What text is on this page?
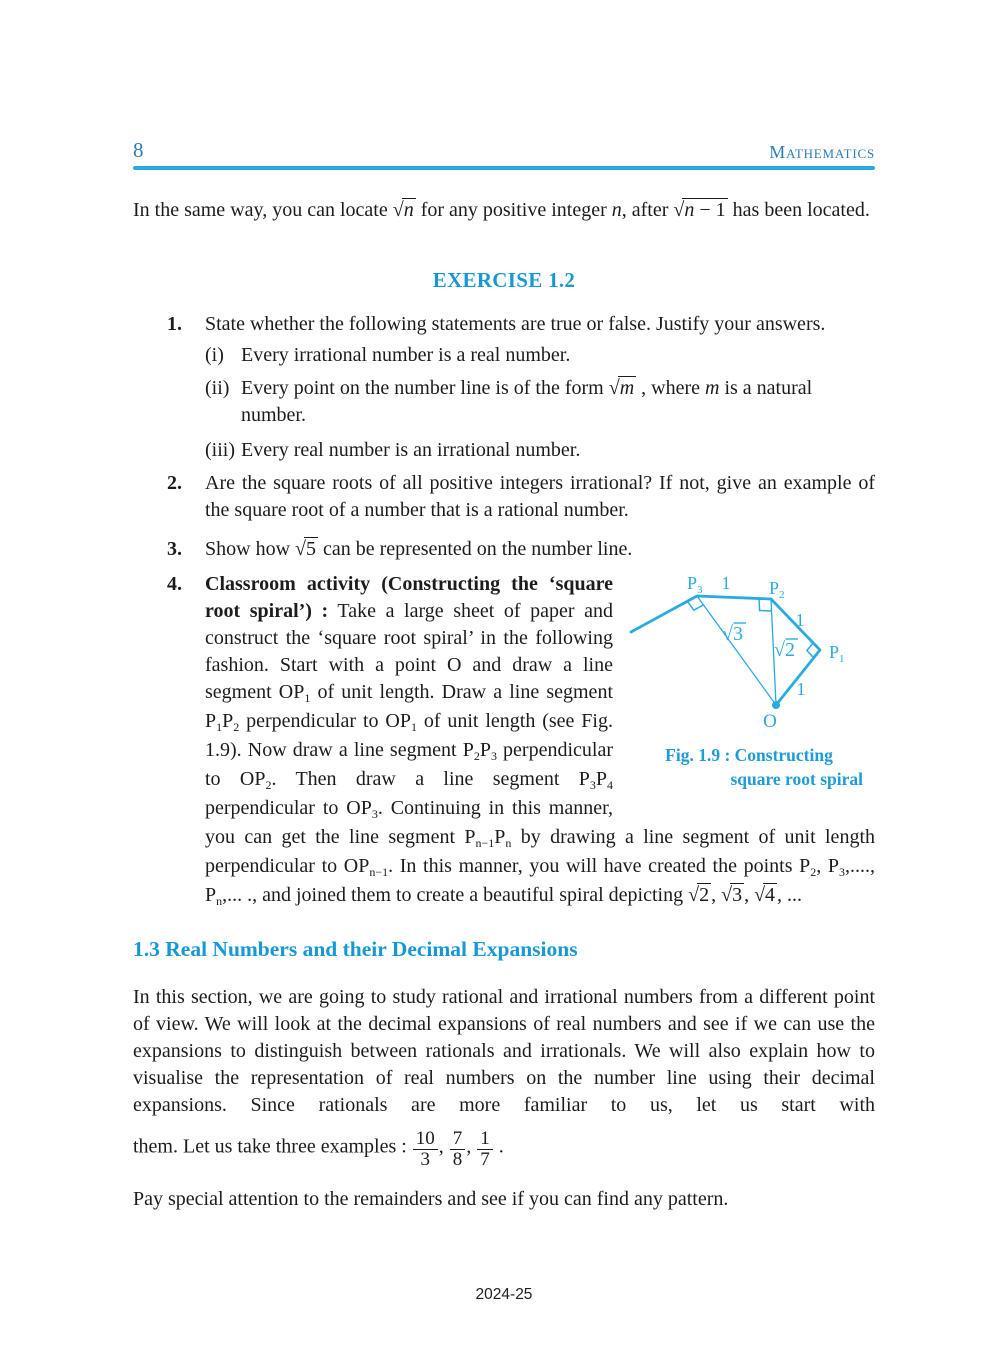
8	Mathematics

In the same way, you can locate √n for any positive integer n, after √n − 1 has been located.

EXERCISE 1.2
1.	State whether the following statements are true or false. Justify your answers.
(i) Every irrational number is a real number.
(ii) Every point on the number line is of the form √m , where m is a natural number.
(iii) Every real number is an irrational number.
2.	Are the square roots of all positive integers irrational? If not, give an example of the square root of a number that is a rational number.
3.	Show how √5 can be represented on the number line.
4.	$P_3$	$P_2$
$P_1$
O
1
1
1
√3
√2
Fig. 1.9 : Constructing
square root spiral
Classroom activity (Constructing the ‘square root spiral’) : Take a large sheet of paper and construct the ‘square root spiral’ in the following fashion. Start with a point O and draw a line segment OP1 of unit length. Draw a line segment P1P2 perpendicular to OP1 of unit length (see Fig. 1.9). Now draw a line segment P2P3 perpendicular to OP2. Then draw a line segment P3P4 perpendicular to OP3. Continuing in this manner, you can get the line segment Pn−1Pn by drawing a line segment of unit length perpendicular to OPn−1. In this manner, you will have created the points P2, P3,...., Pn,... ., and joined them to create a beautiful spiral depicting √2 , √3 , √4 , ...
1.3 Real Numbers and their Decimal Expansions

In this section, we are going to study rational and irrational numbers from a different point of view. We will look at the decimal expansions of real numbers and see if we can use the expansions to distinguish between rationals and irrationals. We will also explain how to visualise the representation of real numbers on the number line using their decimal expansions. Since rationals are more familiar to us, let us start with

them. Let us take three examples : $\frac{10}{3}$ , $\frac{7}{8}$ , $\frac{1}{7}$ .

Pay special attention to the remainders and see if you can find any pattern.

2024-25
